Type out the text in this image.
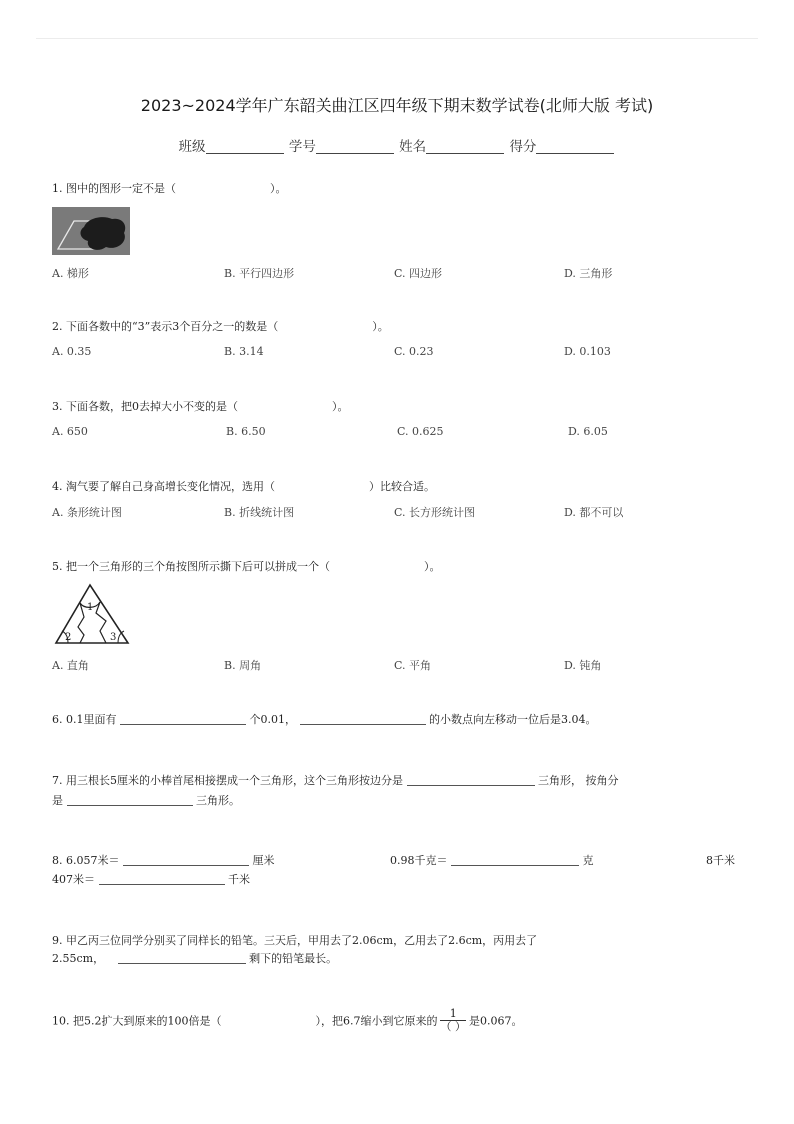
2023~2024学年广东韶关曲江区四年级下期末数学试卷(北师大版 考试)
班级	学号	姓名	得分
1. 图中的图形一定不是（	）。
A. 梯形	B. 平行四边形	C. 四边形	D. 三角形
2. 下面各数中的“3”表示3个百分之一的数是（	）。
A. 0.35	B. 3.14	C. 0.23	D. 0.103
3. 下面各数，把0去掉大小不变的是（	）。
A. 650	B. 6.50	C. 0.625	D. 6.05
4. 淘气要了解自己身高增长变化情况，选用（	）比较合适。
A. 条形统计图	B. 折线统计图	C. 长方形统计图	D. 都不可以
5. 把一个三角形的三个角按图所示撕下后可以拼成一个（	）。
1
2	3
A. 直角	B. 周角	C. 平角	D. 钝角
6. 0.1里面有	个0.01，	的小数点向左移动一位后是3.04。
7. 用三根长5厘米的小棒首尾相接摆成一个三角形，这个三角形按边分是	三角形， 按角分
是	三角形。
8. 6.057米＝	厘米	0.98千克＝	克	8千米
407米＝	千米
9. 甲乙丙三位同学分别买了同样长的铅笔。三天后，甲用去了2.06cm，乙用去了2.6cm，丙用去了
2.55cm，	剩下的铅笔最长。
10. 把5.2扩大到原来的100倍是（	），把6.7缩小到它原来的 $\frac{1}{( )}$ 是0.067。
